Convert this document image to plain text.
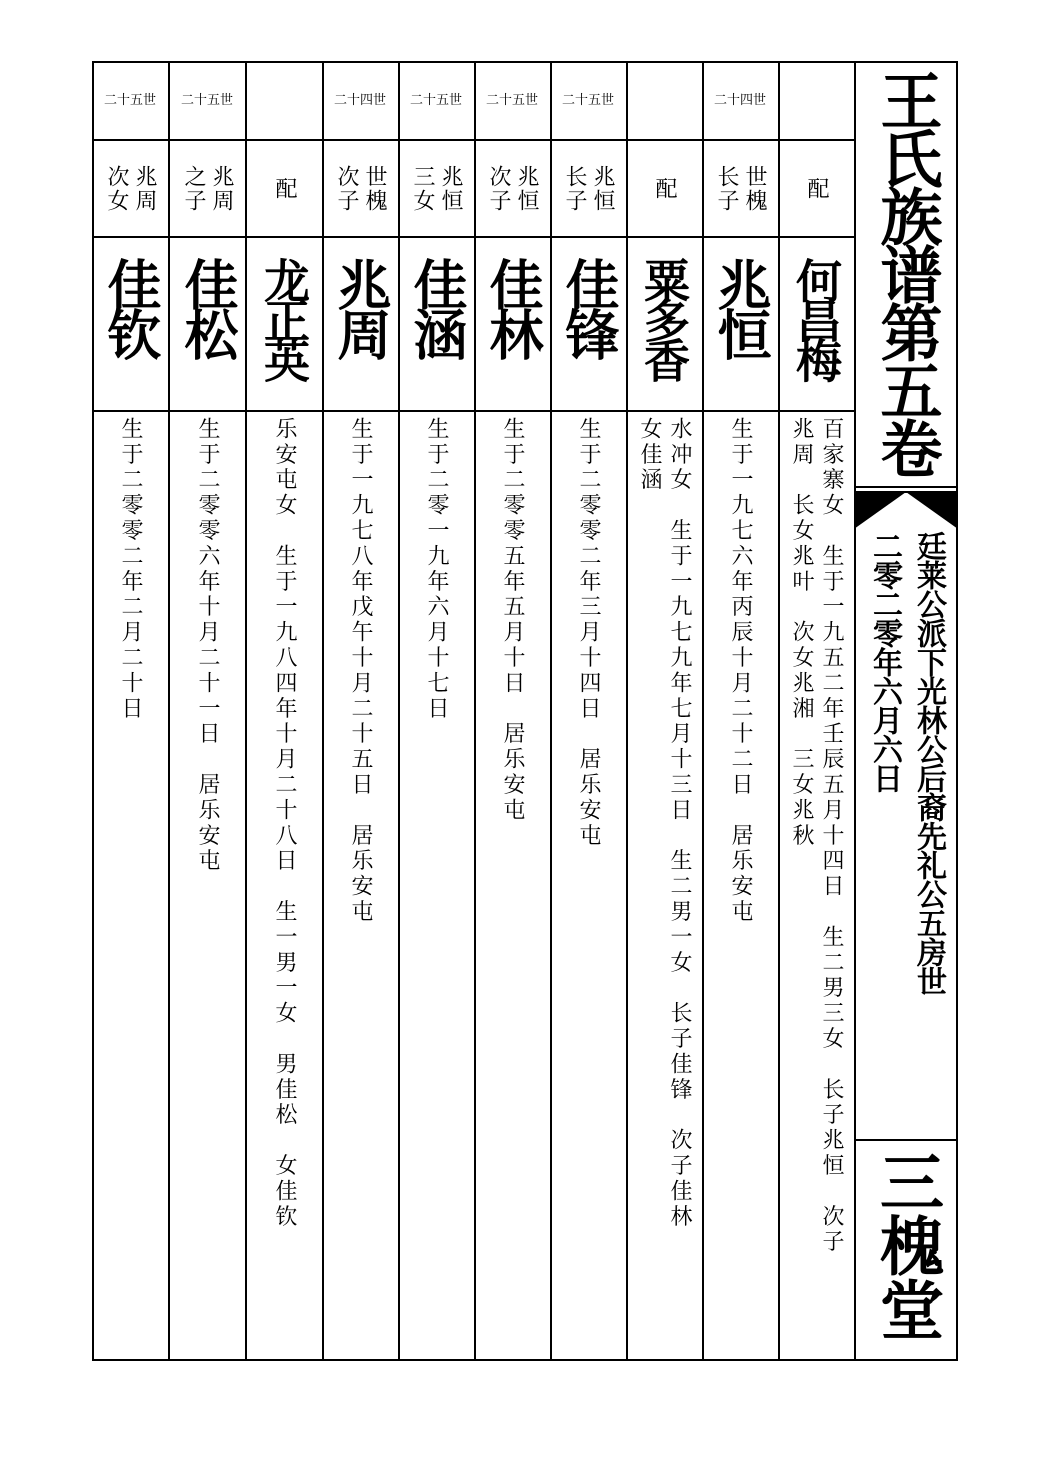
王氏族谱第五卷
廷莱公派下光林公后裔先礼公五房世
二零二零年六月六日
三槐堂
配
何昌梅
百家寨女　生于一九五二年壬辰五月十四日　生二男三女　长子兆恒　次子
兆周　长女兆叶　次女兆湘　三女兆秋
二十四世
世槐
长子
兆恒
生于一九七六年丙辰十月二十二日　居乐安屯
配
粟多香
水冲女　生于一九七九年七月十三日　生二男一女　长子佳锋　次子佳林
女佳涵
二十五世
兆恒
长子
佳锋
生于二零零二年三月十四日　居乐安屯
二十五世
兆恒
次子
佳林
生于二零零五年五月十日　居乐安屯
二十五世
兆恒
三女
佳涵
生于二零一九年六月十七日
二十四世
世槐
次子
兆周
生于一九七八年戊午十月二十五日　居乐安屯
配
龙正英
乐安屯女　生于一九八四年十月二十八日　生一男一女　男佳松　女佳钦
二十五世
兆周
之子
佳松
生于二零零六年十月二十一日　居乐安屯
二十五世
兆周
次女
佳钦
生于二零零二年二月二十日
